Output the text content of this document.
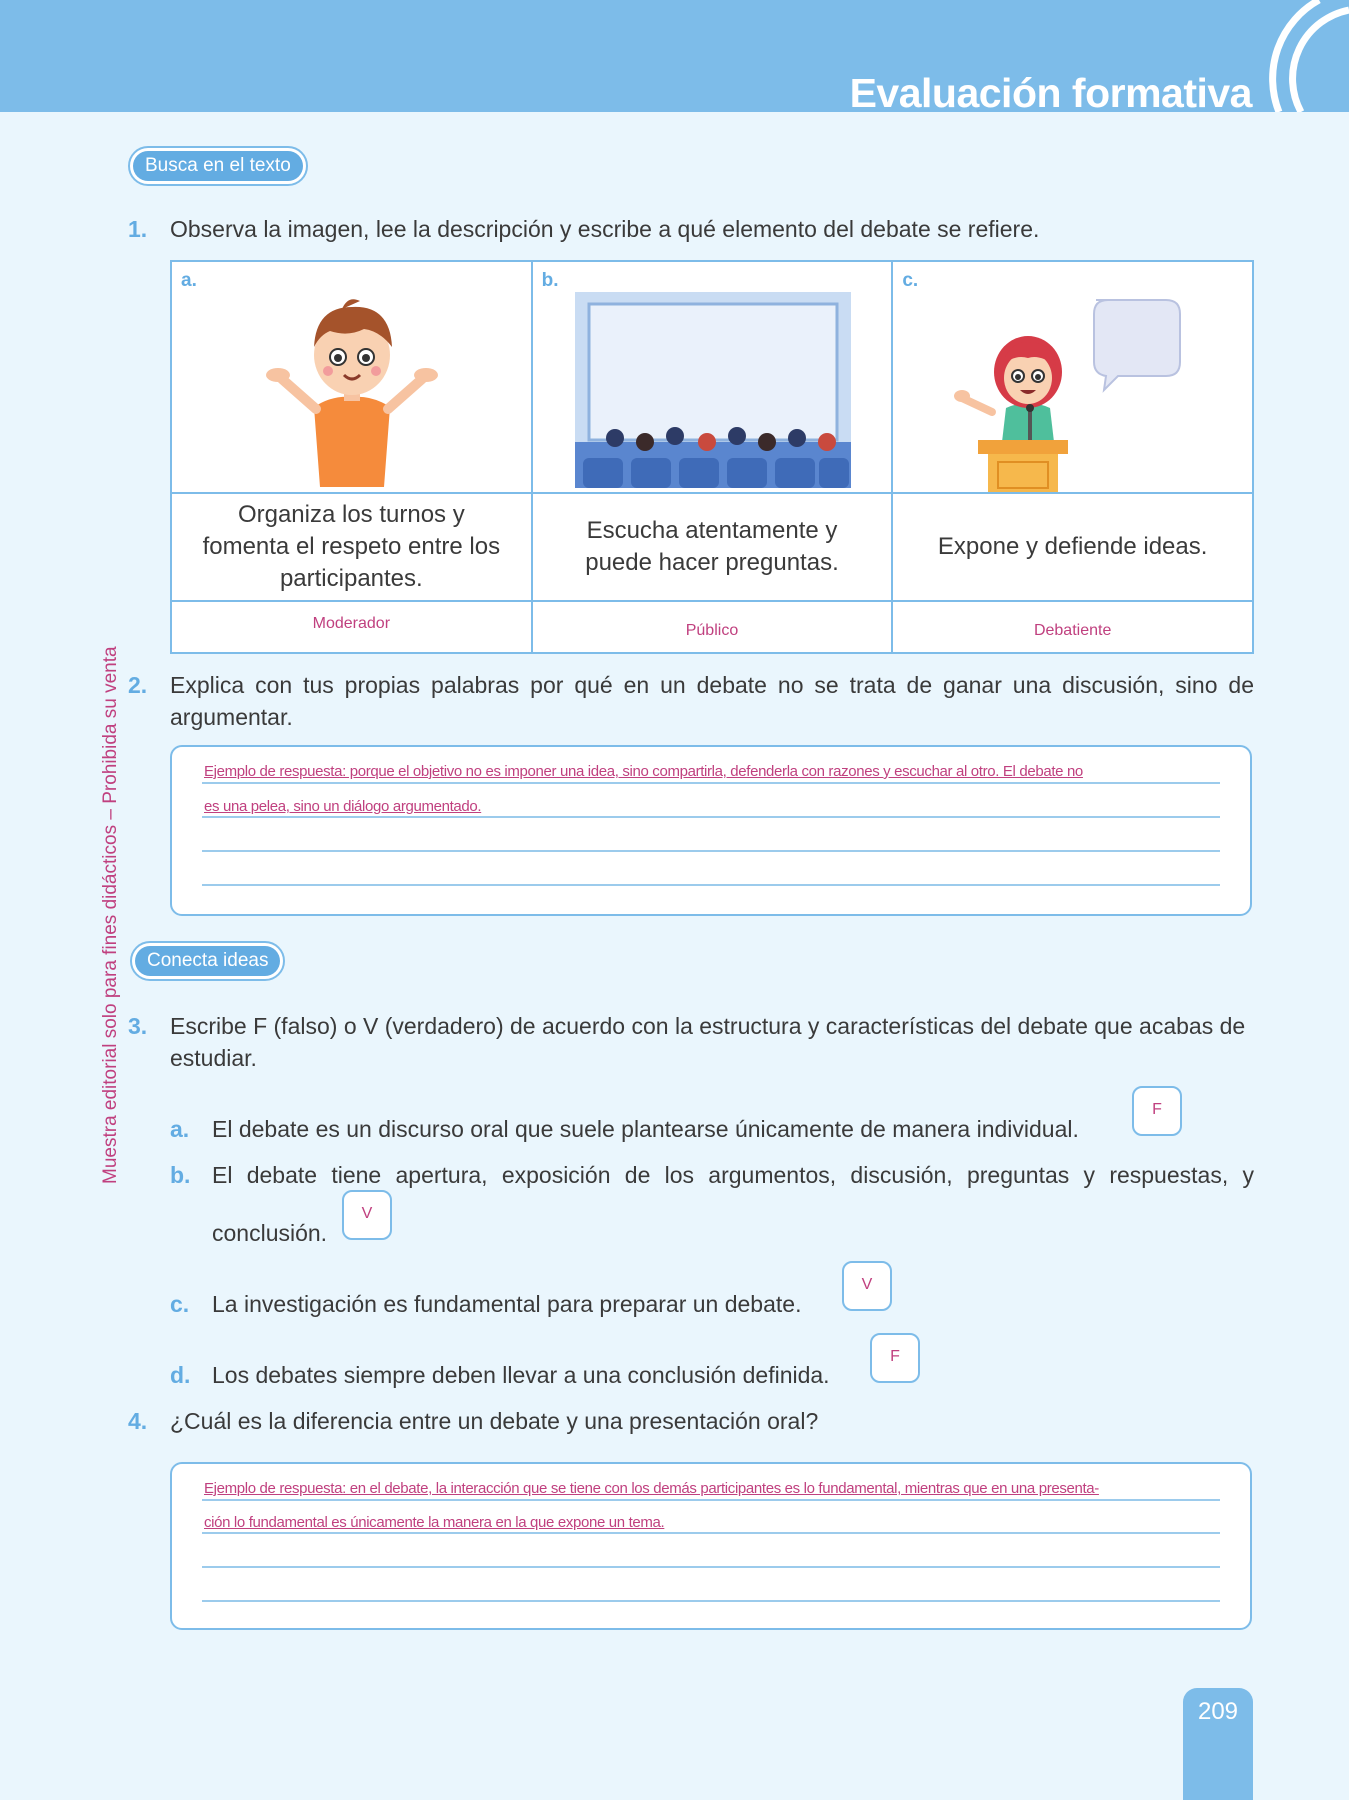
Evaluación formativa
Muestra editorial solo para fines didácticos – Prohibida su venta
Busca en el texto
1. Observa la imagen, lee la descripción y escribe a qué elemento del debate se refiere.
a.	b.	c.

Organiza los turnos y fomenta el respeto entre los participantes.	Escucha atentamente y puede hacer preguntas.	Expone y defiende ideas.

Moderador	Público	Debatiente
2. Explica con tus propias palabras por qué en un debate no se trata de ganar una discusión, sino de argumentar.
Ejemplo de respuesta: porque el objetivo no es imponer una idea, sino compartirla, defenderla con razones y escuchar al otro. El debate no
es una pelea, sino un diálogo argumentado.
Conecta ideas
3. Escribe F (falso) o V (verdadero) de acuerdo con la estructura y características del debate que acabas de estudiar.
a. El debate es un discurso oral que suele plantearse únicamente de manera individual.
F
b. El debate tiene apertura, exposición de los argumentos, discusión, preguntas y respuestas, y
conclusión.
V
c. La investigación es fundamental para preparar un debate.
V
d. Los debates siempre deben llevar a una conclusión definida.
F
4. ¿Cuál es la diferencia entre un debate y una presentación oral?
Ejemplo de respuesta: en el debate, la interacción que se tiene con los demás participantes es lo fundamental, mientras que en una presenta-
ción lo fundamental es únicamente la manera en la que expone un tema.
209
